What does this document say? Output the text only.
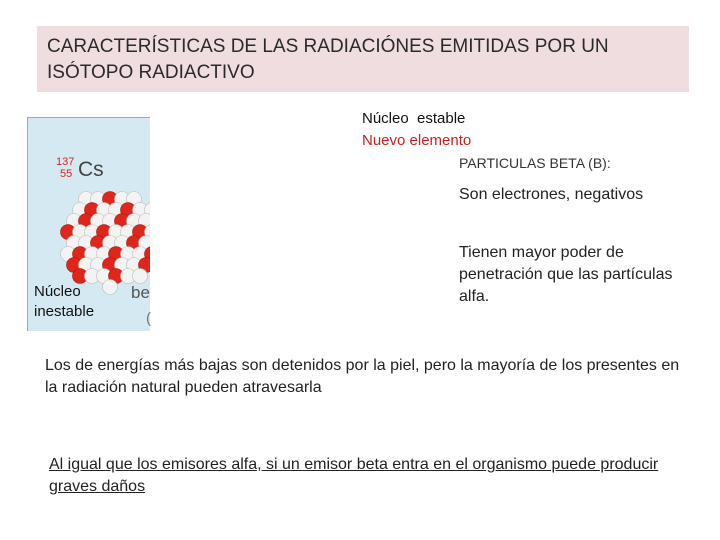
CARACTERÍSTICAS DE LAS RADIACIÓNES EMITIDAS POR UN
ISÓTOPO RADIACTIVO
137
55 Cs
Núcleo inestable
be
(
Núcleo  estable
Nuevo elemento
PARTICULAS BETA (B):
Son electrones, negativos
Tienen mayor poder de penetración que las partículas alfa.
Los de energías más bajas son detenidos por la piel, pero la mayoría de los presentes en la radiación natural pueden atravesarla
Al igual que los emisores alfa, si un emisor beta entra en el organismo puede producir graves daños
